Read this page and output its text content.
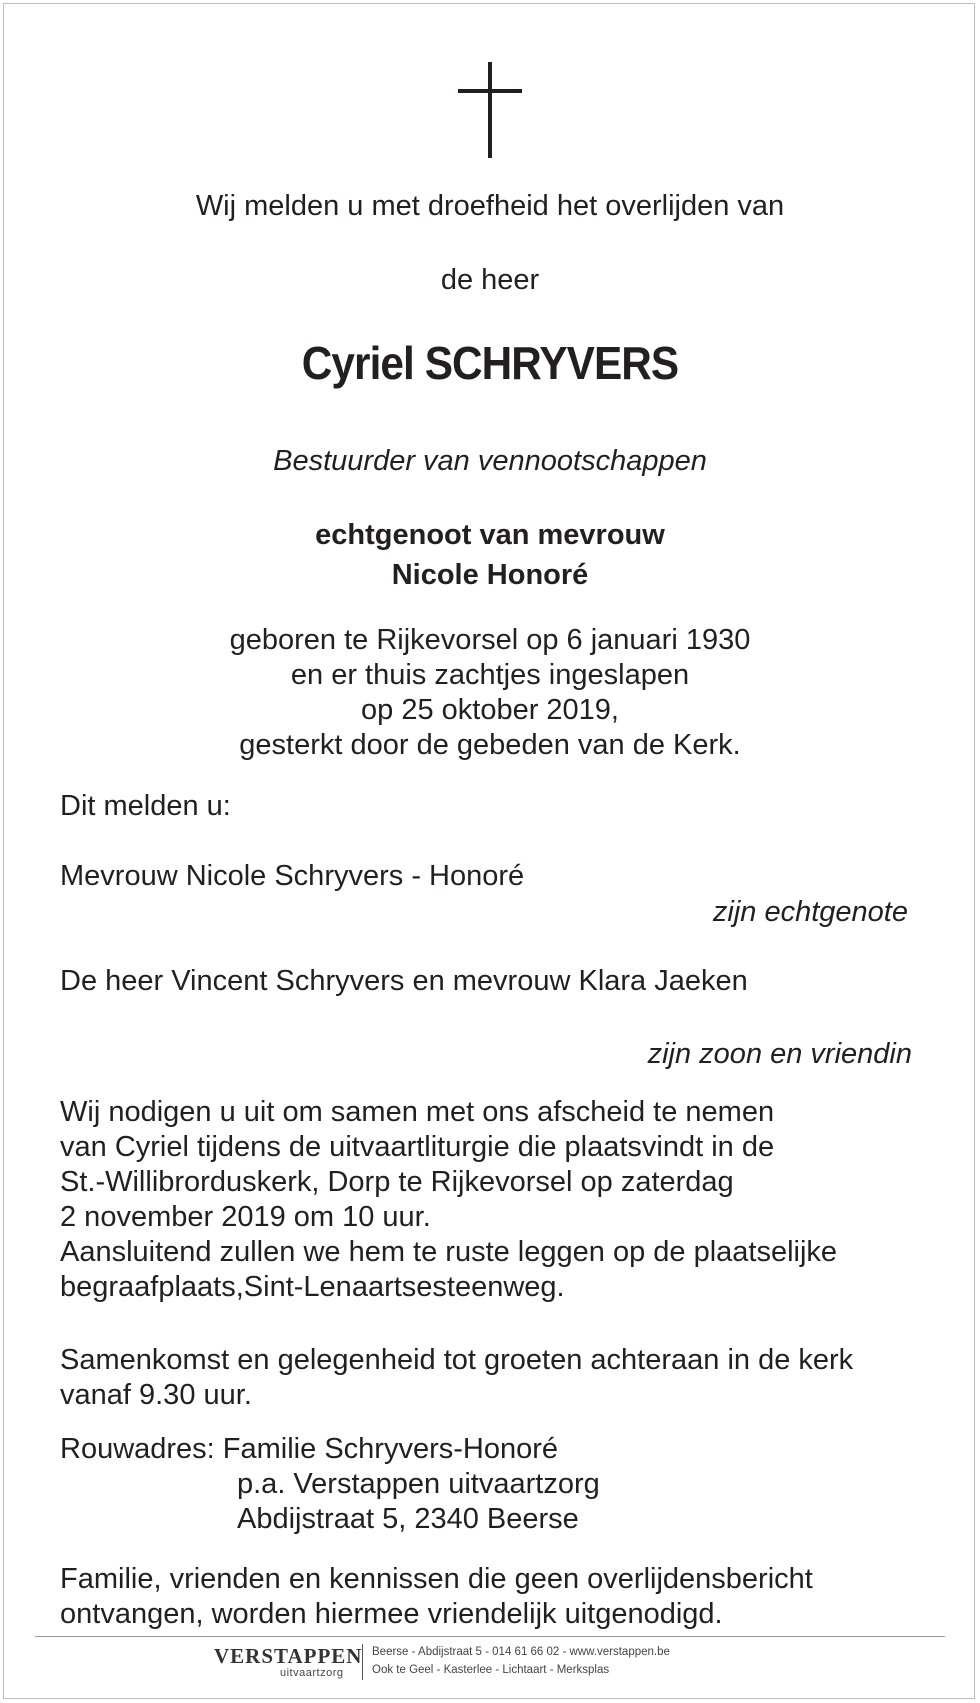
Wij melden u met droefheid het overlijden van
de heer
Cyriel SCHRYVERS
Bestuurder van vennootschappen
echtgenoot van mevrouw
Nicole Honoré
geboren te Rijkevorsel op 6 januari 1930
en er thuis zachtjes ingeslapen
op 25 oktober 2019,
gesterkt door de gebeden van de Kerk.
Dit melden u:
Mevrouw Nicole Schryvers - Honoré
zijn echtgenote
De heer Vincent Schryvers en mevrouw Klara Jaeken
zijn zoon en vriendin
Wij nodigen u uit om samen met ons afscheid te nemen
van Cyriel tijdens de uitvaartliturgie die plaatsvindt in de
St.-Willibrorduskerk, Dorp te Rijkevorsel op zaterdag
2 november 2019 om 10 uur.
Aansluitend zullen we hem te ruste leggen op de plaatselijke
begraafplaats,Sint-Lenaartsesteenweg.
Samenkomst en gelegenheid tot groeten achteraan in de kerk
vanaf 9.30 uur.
Rouwadres: Familie Schryvers-Honoré
p.a. Verstappen uitvaartzorg
Abdijstraat 5, 2340 Beerse
Familie, vrienden en kennissen die geen overlijdensbericht
ontvangen, worden hiermee vriendelijk uitgenodigd.
VERSTAPPEN
uitvaartzorg
Beerse - Abdijstraat 5 - 014 61 66 02 - www.verstappen.be
Ook te Geel - Kasterlee - Lichtaart - Merksplas
